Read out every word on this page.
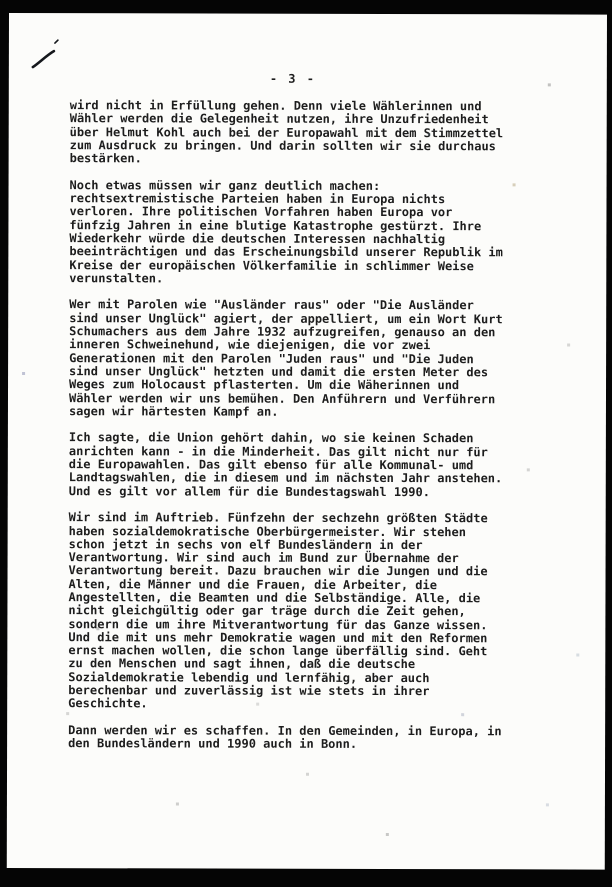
- 3 -
wird nicht in Erfüllung gehen. Denn viele Wählerinnen und
Wähler werden die Gelegenheit nutzen, ihre Unzufriedenheit
über Helmut Kohl auch bei der Europawahl mit dem Stimmzettel
zum Ausdruck zu bringen. Und darin sollten wir sie durchaus
bestärken.
Noch etwas müssen wir ganz deutlich machen:
rechtsextremistische Parteien haben in Europa nichts
verloren. Ihre politischen Vorfahren haben Europa vor
fünfzig Jahren in eine blutige Katastrophe gestürzt. Ihre
Wiederkehr würde die deutschen Interessen nachhaltig
beeinträchtigen und das Erscheinungsbild unserer Republik im
Kreise der europäischen Völkerfamilie in schlimmer Weise
verunstalten.
Wer mit Parolen wie "Ausländer raus" oder "Die Ausländer
sind unser Unglück" agiert, der appelliert, um ein Wort Kurt
Schumachers aus dem Jahre 1932 aufzugreifen, genauso an den
inneren Schweinehund, wie diejenigen, die vor zwei
Generationen mit den Parolen "Juden raus" und "Die Juden
sind unser Unglück" hetzten und damit die ersten Meter des
Weges zum Holocaust pflasterten. Um die Wäherinnen und
Wähler werden wir uns bemühen. Den Anführern und Verführern
sagen wir härtesten Kampf an.
Ich sagte, die Union gehört dahin, wo sie keinen Schaden
anrichten kann - in die Minderheit. Das gilt nicht nur für
die Europawahlen. Das gilt ebenso für alle Kommunal- umd
Landtagswahlen, die in diesem und im nächsten Jahr anstehen.
Und es gilt vor allem für die Bundestagswahl 1990.
Wir sind im Auftrieb. Fünfzehn der sechzehn größten Städte
haben sozialdemokratische Oberbürgermeister. Wir stehen
schon jetzt in sechs von elf Bundesländern in der
Verantwortung. Wir sind auch im Bund zur Übernahme der
Verantwortung bereit. Dazu brauchen wir die Jungen und die
Alten, die Männer und die Frauen, die Arbeiter, die
Angestellten, die Beamten und die Selbständige. Alle, die
nicht gleichgültig oder gar träge durch die Zeit gehen,
sondern die um ihre Mitverantwortung für das Ganze wissen.
Und die mit uns mehr Demokratie wagen und mit den Reformen
ernst machen wollen, die schon lange überfällig sind. Geht
zu den Menschen und sagt ihnen, daß die deutsche
Sozialdemokratie lebendig und lernfähig, aber auch
berechenbar und zuverlässig ist wie stets in ihrer
Geschichte.
Dann werden wir es schaffen. In den Gemeinden, in Europa, in
den Bundesländern und 1990 auch in Bonn.
